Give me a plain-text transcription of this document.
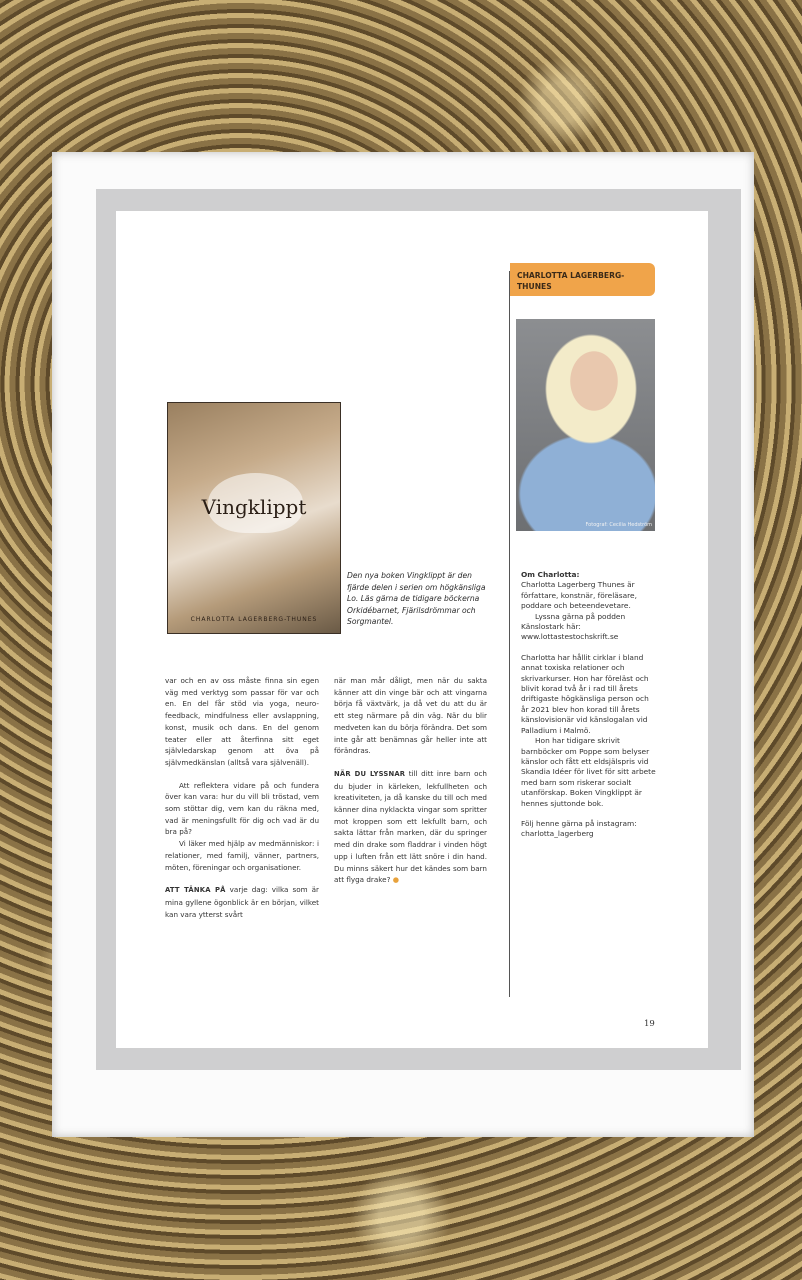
Vingklippt
CHARLOTTA LAGERBERG-THUNES
Den nya boken Vingklippt är den fjärde delen i serien om högkänsliga Lo. Läs gärna de tidigare böckerna Orkidébarnet, Fjärilsdrömmar och Sorgmantel.

var och en av oss måste finna sin egen väg med verktyg som passar för var och en. En del får stöd via yoga, neuro-feedback, mindfulness eller avslappning, konst, musik och dans. En del genom teater eller att återfinna sitt eget självledarskap genom att öva på självmedkänslan (alltså vara självenäll).

Att reflektera vidare på och fundera över kan vara: hur du vill bli tröstad, vem som stöttar dig, vem kan du räkna med, vad är meningsfullt för dig och vad är du bra på?

Vi läker med hjälp av medmänniskor: i relationer, med familj, vänner, partners, möten, föreningar och organisationer.

ATT TÄNKA PÅ varje dag: vilka som är mina gyllene ögonblick är en början, vilket kan vara ytterst svårt

när man mår dåligt, men när du sakta känner att din vinge bär och att vingarna börja få växtvärk, ja då vet du att du är ett steg närmare på din väg. När du blir medveten kan du börja förändra. Det som inte går att benämnas går heller inte att förändras.

NÄR DU LYSSNAR till ditt inre barn och du bjuder in kärleken, lekfullheten och kreativiteten, ja då kanske du till och med känner dina nyklackta vingar som spritter mot kroppen som ett lekfullt barn, och sakta lättar från marken, där du springer med din drake som fladdrar i vinden högt upp i luften från ett lätt snöre i din hand. Du minns säkert hur det kändes som barn att flyga drake? ●

CHARLOTTA LAGERBERG-THUNES
Fotograf: Cecilia Hedström

Om Charlotta:

Charlotta Lagerberg Thunes är författare, konstnär, föreläsare, poddare och beteendevetare.

Lyssna gärna på podden Känslostark här: www.lottastestochskrift.se

Charlotta har hållit cirklar i bland annat toxiska relationer och skrivarkurser. Hon har föreläst och blivit korad två år i rad till årets driftigaste högkänsliga person och år 2021 blev hon korad till årets känslovisionär vid känslogalan vid Palladium i Malmö.

Hon har tidigare skrivit barnböcker om Poppe som belyser känslor och fått ett eldsjälspris vid Skandia Idéer för livet för sitt arbete med barn som riskerar socialt utanförskap. Boken Vingklippt är hennes sjuttonde bok.

Följ henne gärna på instagram:

charlotta_lagerberg

19
